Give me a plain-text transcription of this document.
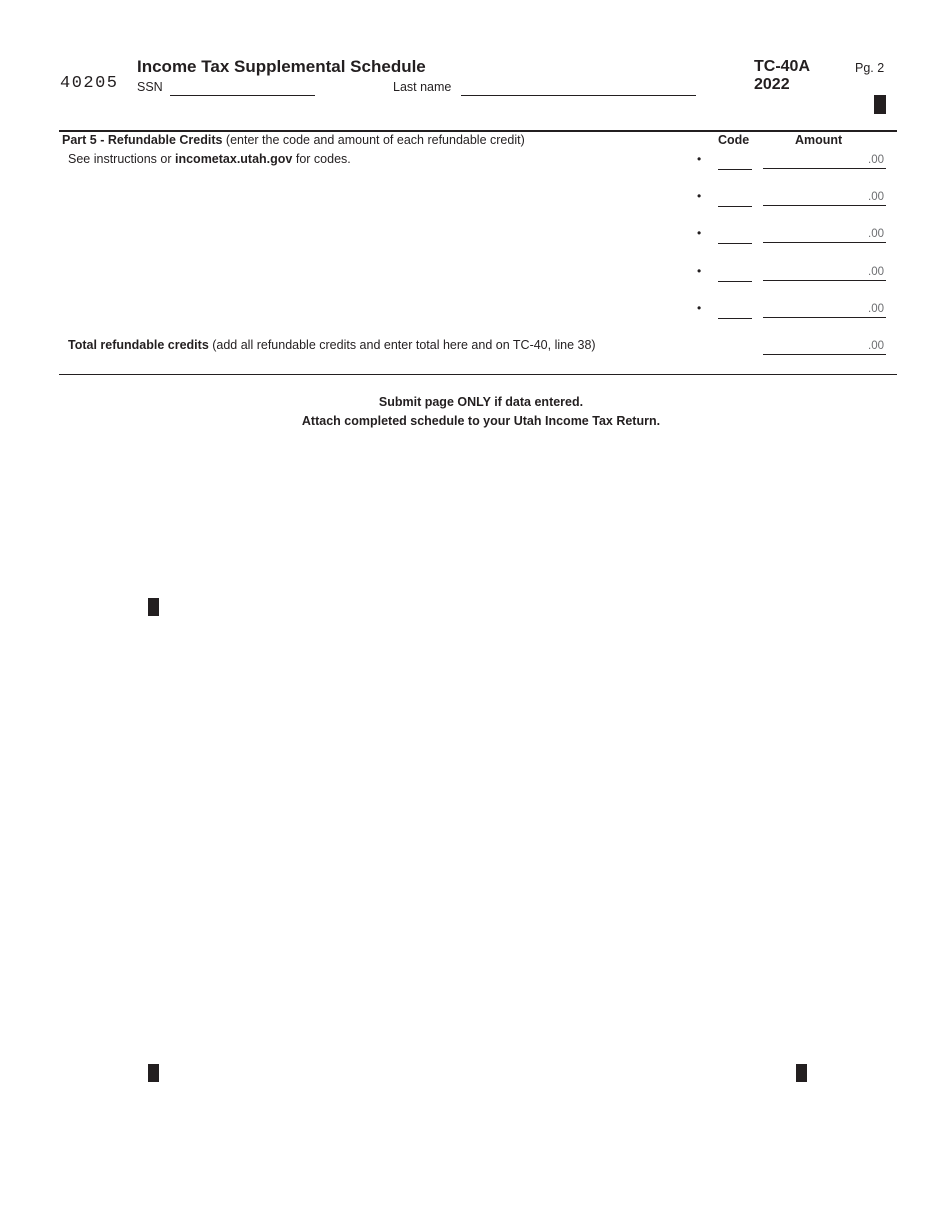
40205
Income Tax Supplemental Schedule
SSN	Last name
TC-40A
2022
Pg. 2
Part 5 - Refundable Credits (enter the code and amount of each refundable credit)
See instructions or incometax.utah.gov for codes.
Code	Amount
•	.00
•	.00
•	.00
•	.00
•	.00
Total refundable credits (add all refundable credits and enter total here and on TC-40, line 38)	.00
Submit page ONLY if data entered.
Attach completed schedule to your Utah Income Tax Return.
